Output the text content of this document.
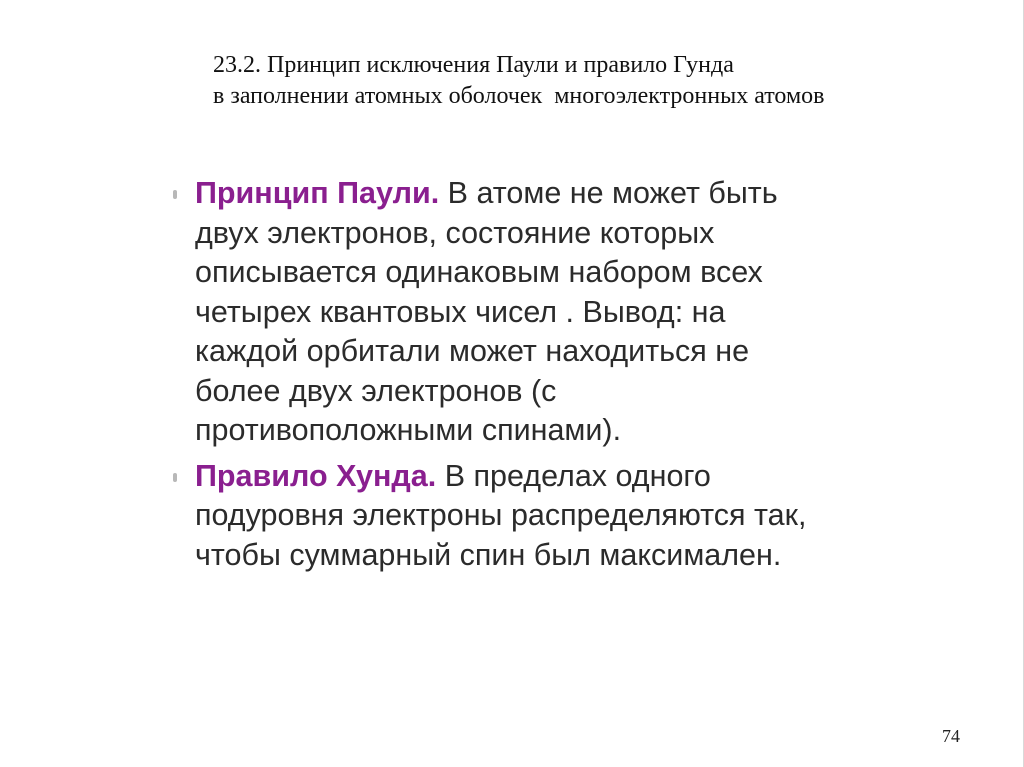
23.2. Принцип исключения Паули и правило Гунда
в заполнении атомных оболочек  многоэлектронных атомов
Принцип Паули. В атоме не может быть
двух электронов, состояние которых
описывается одинаковым набором всех
четырех квантовых чисел . Вывод: на
каждой орбитали может находиться не
более двух электронов (с
противоположными спинами).
Правило Хунда. В пределах одного
подуровня электроны распределяются так,
чтобы суммарный спин был максимален.
74
